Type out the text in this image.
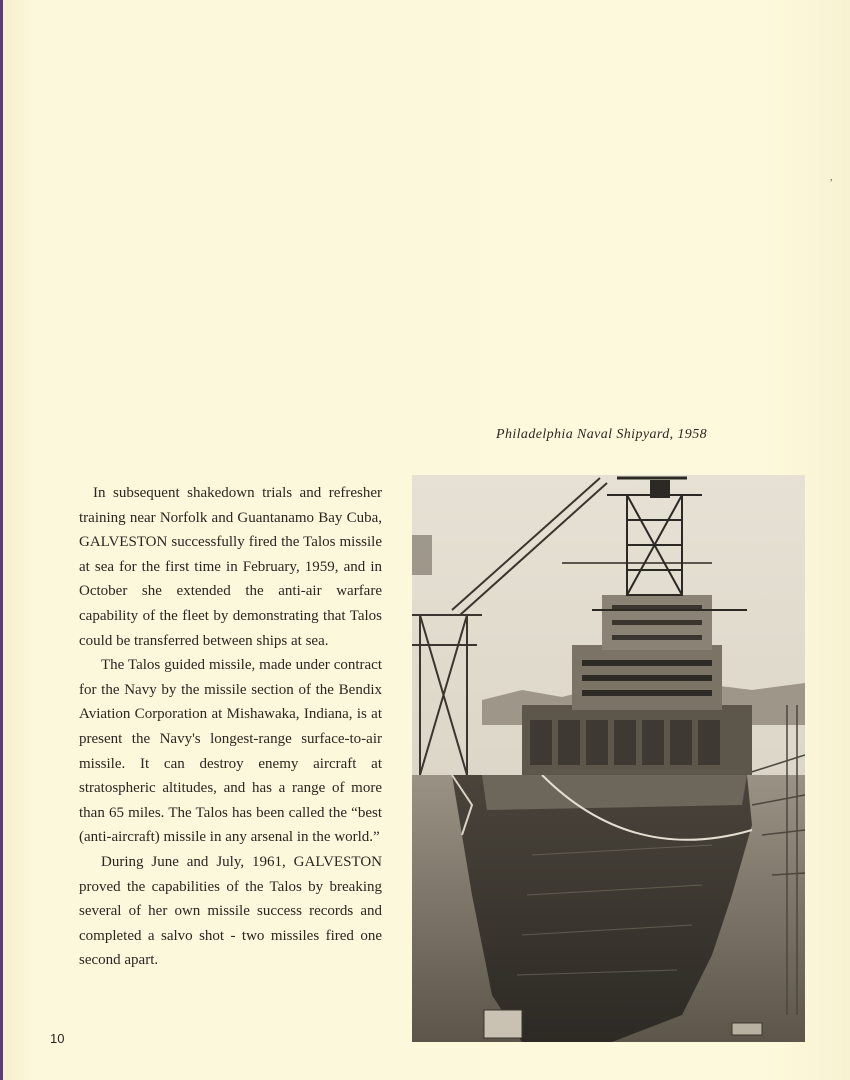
,
Philadelphia Naval Shipyard, 1958

In subsequent shakedown trials and refresher training near Norfolk and Guantanamo Bay Cuba, GALVESTON successfully fired the Talos missile at sea for the first time in February, 1959, and in October she extended the anti-air warfare capability of the fleet by demonstrating that Talos could be transferred between ships at sea.

The Talos guided missile, made under contract for the Navy by the missile section of the Bendix Aviation Corporation at Mishawaka, Indiana, is at present the Navy's longest-range surface-to-air missile. It can destroy enemy aircraft at stratospheric altitudes, and has a range of more than 65 miles. The Talos has been called the “best (anti-aircraft) missile in any arsenal in the world.”

During June and July, 1961, GALVESTON proved the capabilities of the Talos by breaking several of her own missile success records and completed a salvo shot - two missiles fired one second apart.

10
